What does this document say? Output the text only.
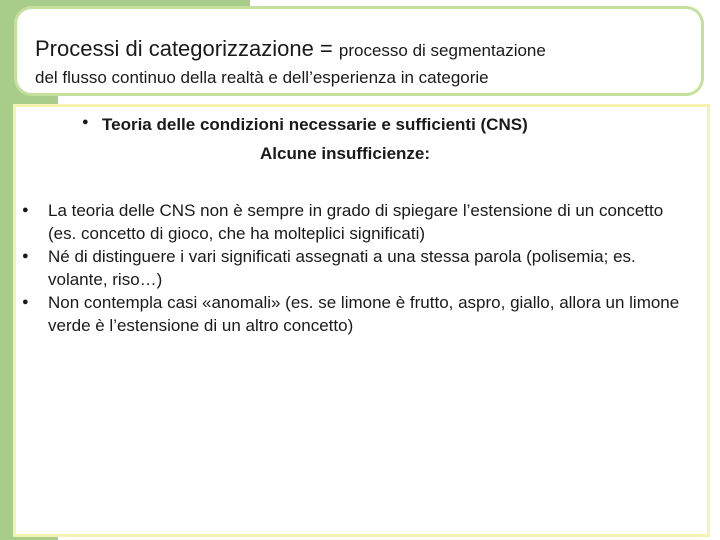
Processi di categorizzazione = processo di segmentazione
del flusso continuo della realtà e dell’esperienza in categorie
● Teoria delle condizioni necessarie e sufficienti (CNS)
Alcune insufficienze:
● La teoria delle CNS non è sempre in grado di spiegare l’estensione di un concetto (es. concetto di gioco, che ha molteplici significati)
● Né di distinguere i vari significati assegnati a una stessa parola (polisemia; es. volante, riso…)
● Non contempla casi «anomali» (es. se limone è frutto, aspro, giallo, allora un limone verde è l’estensione di un altro concetto)
